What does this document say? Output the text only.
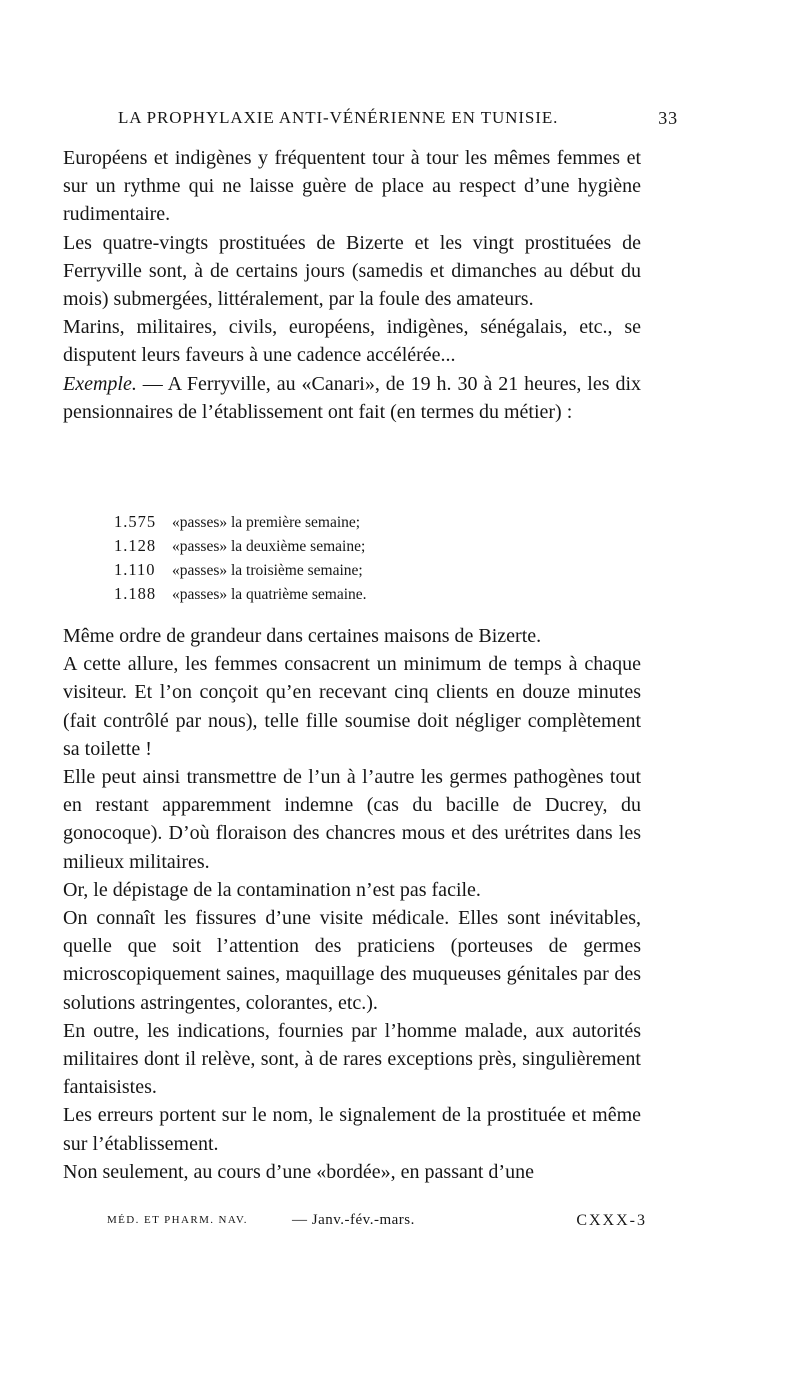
LA PROPHYLAXIE ANTI-VÉNÉRIENNE EN TUNISIE.	33

Européens et indigènes y fréquentent tour à tour les mêmes femmes et sur un rythme qui ne laisse guère de place au respect d’une hygiène rudimentaire.

Les quatre-vingts prostituées de Bizerte et les vingt prostituées de Ferryville sont, à de certains jours (samedis et dimanches au début du mois) submergées, littéralement, par la foule des amateurs.

Marins, militaires, civils, européens, indigènes, sénégalais, etc., se disputent leurs faveurs à une cadence accélérée...

Exemple. — A Ferryville, au «Canari», de 19 h. 30 à 21 heures, les dix pensionnaires de l’établissement ont fait (en termes du métier) :

1.575 «passes» la première semaine;
1.128 «passes» la deuxième semaine;
1.110 «passes» la troisième semaine;
1.188 «passes» la quatrième semaine.

Même ordre de grandeur dans certaines maisons de Bizerte.

A cette allure, les femmes consacrent un minimum de temps à chaque visiteur. Et l’on conçoit qu’en recevant cinq clients en douze minutes (fait contrôlé par nous), telle fille soumise doit négliger complètement sa toilette !

Elle peut ainsi transmettre de l’un à l’autre les germes pathogènes tout en restant apparemment indemne (cas du bacille de Ducrey, du gonocoque). D’où floraison des chancres mous et des urétrites dans les milieux militaires.

Or, le dépistage de la contamination n’est pas facile.

On connaît les fissures d’une visite médicale. Elles sont inévitables, quelle que soit l’attention des praticiens (porteuses de germes microscopiquement saines, maquillage des muqueuses génitales par des solutions astringentes, colorantes, etc.).

En outre, les indications, fournies par l’homme malade, aux autorités militaires dont il relève, sont, à de rares exceptions près, singulièrement fantaisistes.

Les erreurs portent sur le nom, le signalement de la prostituée et même sur l’établissement.

Non seulement, au cours d’une «bordée», en passant d’une

MÉD. ET PHARM. NAV.	— Janv.-fév.-mars.	CXXX-3
